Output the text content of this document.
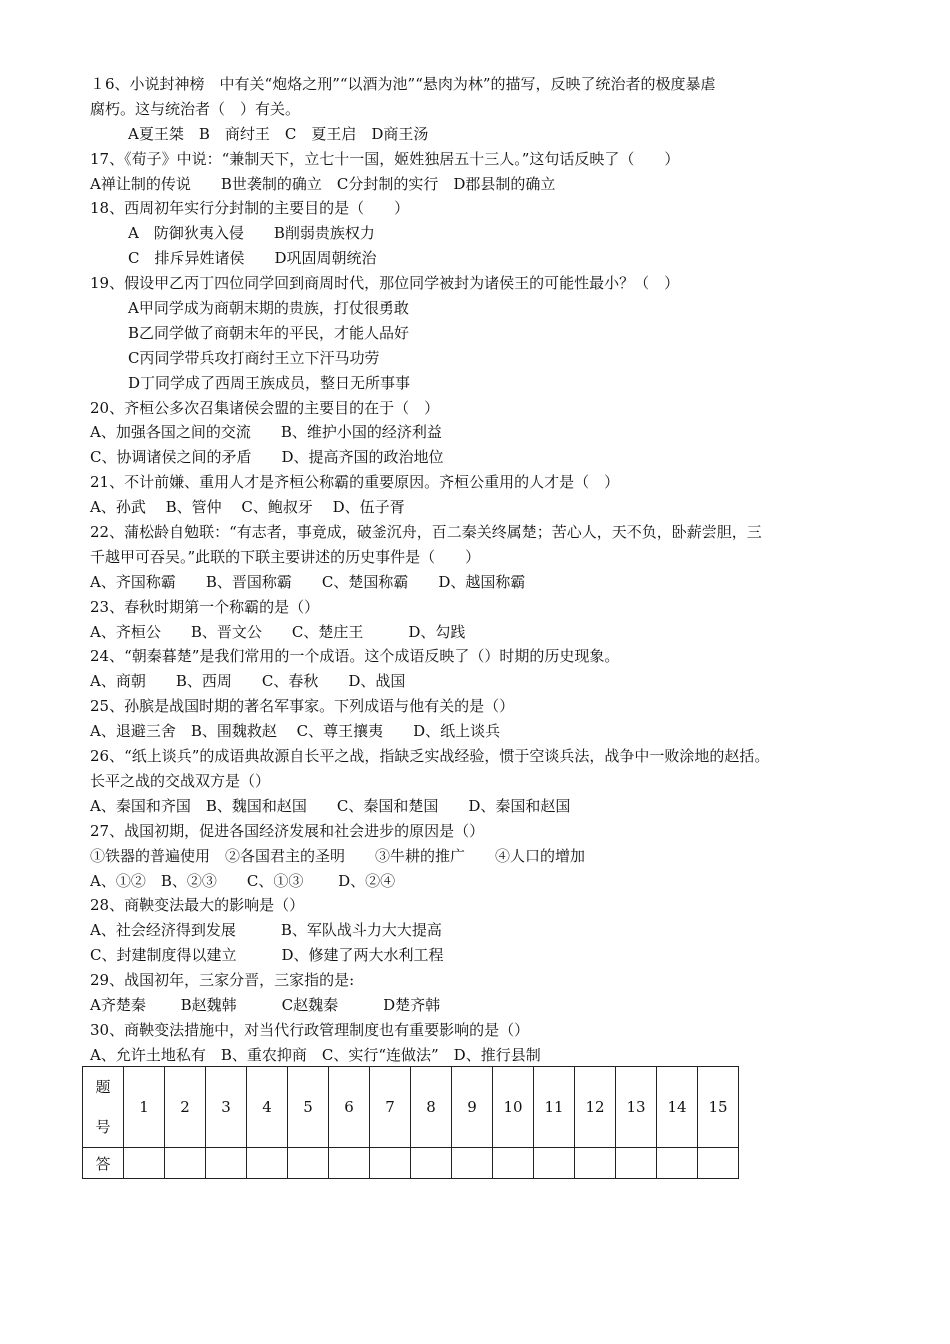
１6、小说封神榜　中有关“炮烙之刑”“以酒为池”“悬肉为林”的描写，反映了统治者的极度暴虐
腐朽。这与统治者（　）有关。
A夏王桀　B　商纣王　C　夏王启　D商王汤
17、《荀子》中说：“兼制天下，立七十一国，姬姓独居五十三人。”这句话反映了（　　）
A禅让制的传说　　B世袭制的确立　C分封制的实行　D郡县制的确立
18、西周初年实行分封制的主要目的是（　　）
A　防御狄夷入侵　　B削弱贵族权力
C　排斥异姓诸侯　　D巩固周朝统治
19、假设甲乙丙丁四位同学回到商周时代，那位同学被封为诸侯王的可能性最小？（　）
A甲同学成为商朝末期的贵族，打仗很勇敢
B乙同学做了商朝末年的平民，才能人品好
C丙同学带兵攻打商纣王立下汗马功劳
D丁同学成了西周王族成员，整日无所事事
20、齐桓公多次召集诸侯会盟的主要目的在于（　）
A、加强各国之间的交流　　B、维护小国的经济利益
C、协调诸侯之间的矛盾　　D、提高齐国的政治地位
21、不计前嫌、重用人才是齐桓公称霸的重要原因。齐桓公重用的人才是（　）
A、孙武　 B、管仲　 C、鲍叔牙　 D、伍子胥
22、蒲松龄自勉联：“有志者，事竟成，破釜沉舟，百二秦关终属楚；苦心人，天不负，卧薪尝胆，三
千越甲可吞吴。”此联的下联主要讲述的历史事件是（　　）
A、齐国称霸　　B、晋国称霸　　C、楚国称霸　　D、越国称霸
23、春秋时期第一个称霸的是（）
A、齐桓公　　B、晋文公　　C、楚庄王　　　D、勾践
24、“朝秦暮楚”是我们常用的一个成语。这个成语反映了（）时期的历史现象。
A、商朝　　B、西周　　C、春秋　　D、战国
25、孙膑是战国时期的著名军事家。下列成语与他有关的是（）
A、退避三舍　B、围魏救赵　 C、尊王攘夷　　D、纸上谈兵
26、“纸上谈兵”的成语典故源自长平之战，指缺乏实战经验，惯于空谈兵法，战争中一败涂地的赵括。
长平之战的交战双方是（）
A、秦国和齐国　B、魏国和赵国　　C、秦国和楚国　　D、秦国和赵国
27、战国初期，促进各国经济发展和社会进步的原因是（）
①铁器的普遍使用　②各国君主的圣明　　③牛耕的推广　　④人口的增加
A、①②　B、②③　　C、①③　　 D、②④
28、商鞅变法最大的影响是（）
A、社会经济得到发展　　　B、军队战斗力大大提高
C、封建制度得以建立　　　D、修建了两大水利工程
29、战国初年，三家分晋，三家指的是:
A齐楚秦　　 B赵魏韩　　　C赵魏秦　　　D楚齐韩
30、商鞅变法措施中，对当代行政管理制度也有重要影响的是（）
A、允许土地私有　B、重农抑商　C、实行“连做法”　D、推行县制
题
号	1	2	3	4	5	6	7	8	9	10	11	12	13	14	15
答															
